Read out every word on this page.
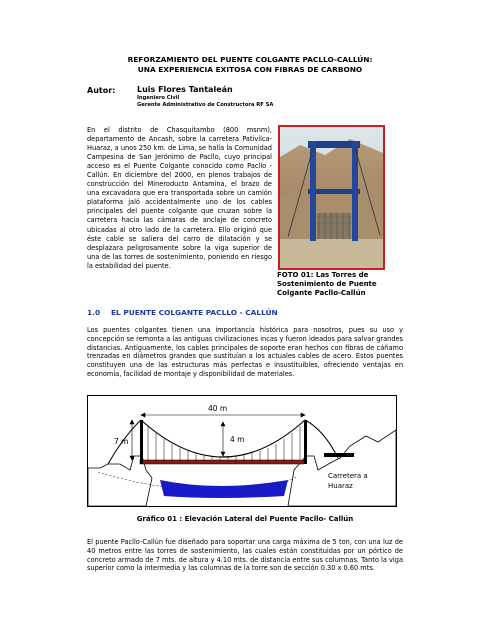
REFORZAMIENTO DEL PUENTE COLGANTE PACLLO-CALLÚN:
UNA EXPERIENCIA EXITOSA CON FIBRAS DE CARBONO
Autor:	Luis Flores Tantaleán
Ingeniero Civil
Gerente Administrativo de Constructora RF SA
En el distrito de Chasquitambo (800 msnm), departamento de Ancash, sobre la carretera Pativilca-Huaraz, a unos 250 km. de Lima, se halla la Comunidad Campesina de San Jerónimo de Pacllo, cuyo principal acceso es el Puente Colgante conocido como Pacllo - Callún. En diciembre del 2000, en plenos trabajos de construcción del Mineroducto Antamina, el brazo de una excavadora que era transportada sobre un camión plataforma jaló accidentalmente uno de los cables principales del puente colgante que cruzan sobre la carretera hacia las cámaras de anclaje de concreto ubicadas al otro lado de la carretera. Ello originó que éste cable se saliera del carro de dilatación y se desplazara peligrosamente sobre la viga superior de una de las torres de sostenimiento, poniendo en riesgo la estabilidad del puente.
FOTO 01: Las Torres de Sostenimiento de Puente Colgante Pacllo-Callún
1.0 EL PUENTE COLGANTE PACLLO - CALLÚN
Los puentes colgantes tienen una importancia histórica para nosotros, pues su uso y concepción se remonta a las antiguas civilizaciones incas y fueron ideados para salvar grandes distancias. Antiguamente, los cables principales de soporte eran hechos con fibras de cáñamo trenzadas en diámetros grandes que sustituían a los actuales cables de acero. Estos puentes constituyen una de las estructuras más perfectas e insustituibles, ofreciendo ventajas en economía, facilidad de montaje y disponibilidad de materiales.
40 m
7 m	4 m
Carretera a
Huaraz
Gráfico 01 : Elevación Lateral del Puente Pacllo- Callún
El puente Pacllo-Callún fue diseñado para soportar una carga máxima de 5 ton, con una luz de 40 metros entre las torres de sostenimiento, las cuales están constituidas por un pórtico de concreto armado de 7 mts. de altura y 4.10 mts. de distancia entre sus columnas. Tanto la viga superior como la intermedia y las columnas de la torre son de sección 0.30 x 0.60 mts.
